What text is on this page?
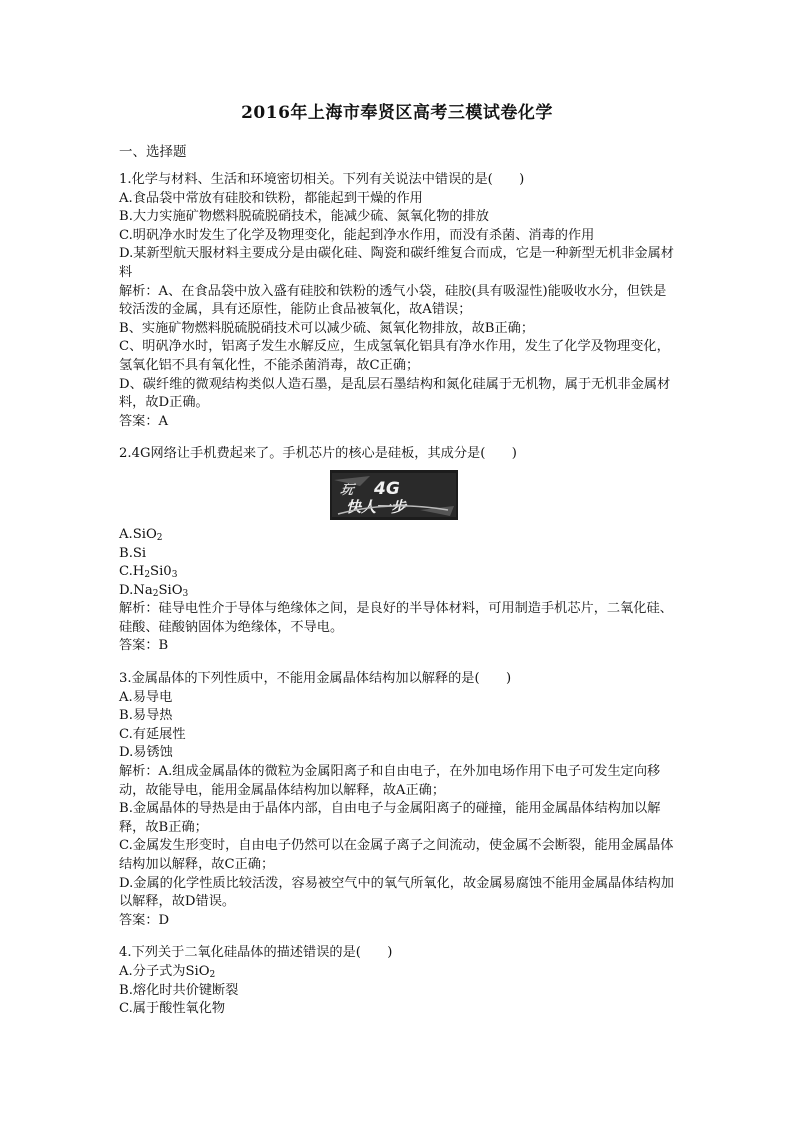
2016年上海市奉贤区高考三模试卷化学
一、选择题
1.化学与材料、生活和环境密切相关。下列有关说法中错误的是(　　)
A.食品袋中常放有硅胶和铁粉，都能起到干燥的作用
B.大力实施矿物燃料脱硫脱硝技术，能减少硫、氮氧化物的排放
C.明矾净水时发生了化学及物理变化，能起到净水作用，而没有杀菌、消毒的作用
D.某新型航天服材料主要成分是由碳化硅、陶瓷和碳纤维复合而成，它是一种新型无机非金属材料
解析：A、在食品袋中放入盛有硅胶和铁粉的透气小袋，硅胶(具有吸湿性)能吸收水分，但铁是较活泼的金属，具有还原性，能防止食品被氧化，故A错误；
B、实施矿物燃料脱硫脱硝技术可以减少硫、氮氧化物排放，故B正确；
C、明矾净水时，铝离子发生水解反应，生成氢氧化铝具有净水作用，发生了化学及物理变化，氢氧化铝不具有氧化性，不能杀菌消毒，故C正确；
D、碳纤维的微观结构类似人造石墨，是乱层石墨结构和氮化硅属于无机物，属于无机非金属材料，故D正确。
答案：A
2.4G网络让手机费起来了。手机芯片的核心是硅板，其成分是(　　)
玩 4G
快人一步
A.SiO$_2$
B.Si
$C.H_2Si0_3$
$D.Na_2SiO_3$
解析：硅导电性介于导体与绝缘体之间，是良好的半导体材料，可用制造手机芯片，二氧化硅、硅酸、硅酸钠固体为绝缘体，不导电。
答案：B
3.金属晶体的下列性质中，不能用金属晶体结构加以解释的是(　　)
A.易导电
B.易导热
C.有延展性
D.易锈蚀
解析：A.组成金属晶体的微粒为金属阳离子和自由电子，在外加电场作用下电子可发生定向移动，故能导电，能用金属晶体结构加以解释，故A正确；
B.金属晶体的导热是由于晶体内部，自由电子与金属阳离子的碰撞，能用金属晶体结构加以解释，故B正确；
C.金属发生形变时，自由电子仍然可以在金属子离子之间流动，使金属不会断裂，能用金属晶体结构加以解释，故C正确；
D.金属的化学性质比较活泼，容易被空气中的氧气所氧化，故金属易腐蚀不能用金属晶体结构加以解释，故D错误。
答案：D
4.下列关于二氧化硅晶体的描述错误的是(　　)
A.分子式为SiO$_2$
B.熔化时共价键断裂
C.属于酸性氧化物
